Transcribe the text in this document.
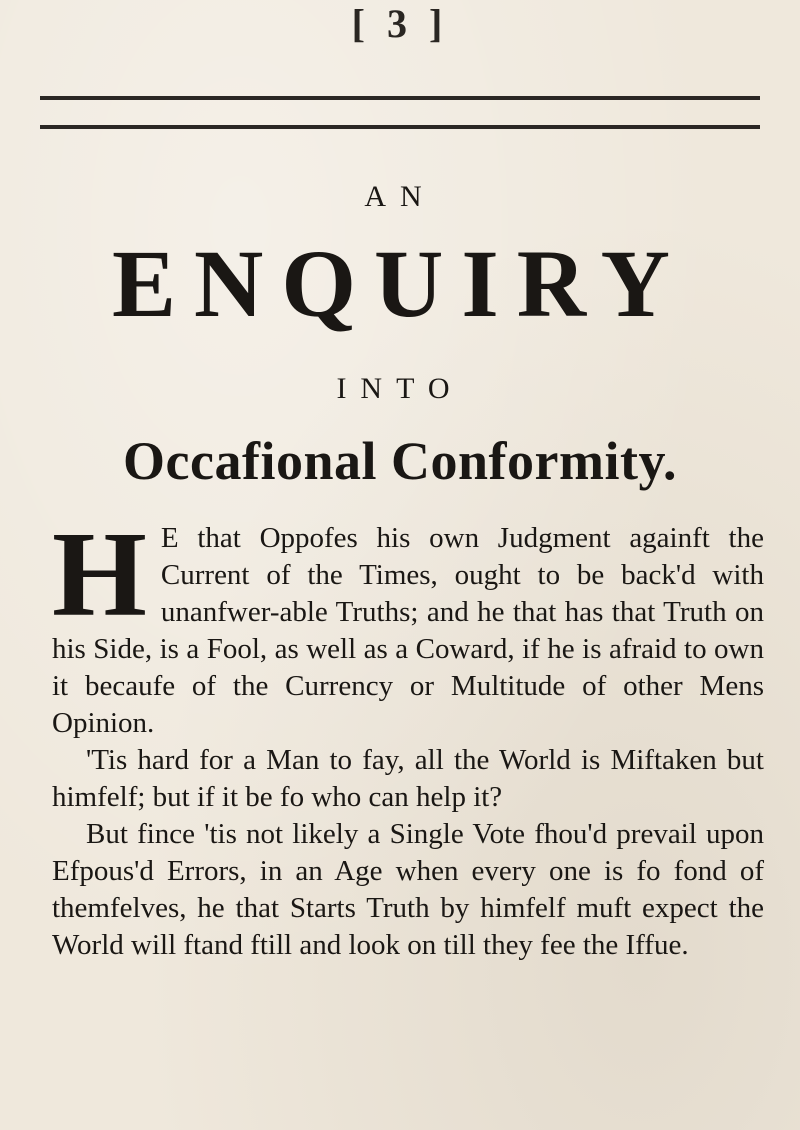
[ 3 ]
AN
ENQUIRY
INTO
Occafional Conformity.

H E that Oppofes his own Judgment againft the Current of the Times, ought to be back'd with unanfwer-able Truths; and he that has that Truth on his Side, is a Fool, as well as a Coward, if he is afraid to own it becaufe of the Currency or Multitude of other Mens Opinion.

'Tis hard for a Man to fay, all the World is Miftaken but himfelf; but if it be fo who can help it?

But fince 'tis not likely a Single Vote fhou'd prevail upon Efpous'd Errors, in an Age when every one is fo fond of themfelves, he that Starts Truth by himfelf muft expect the World will ftand ftill and look on till they fee the Iffue.
